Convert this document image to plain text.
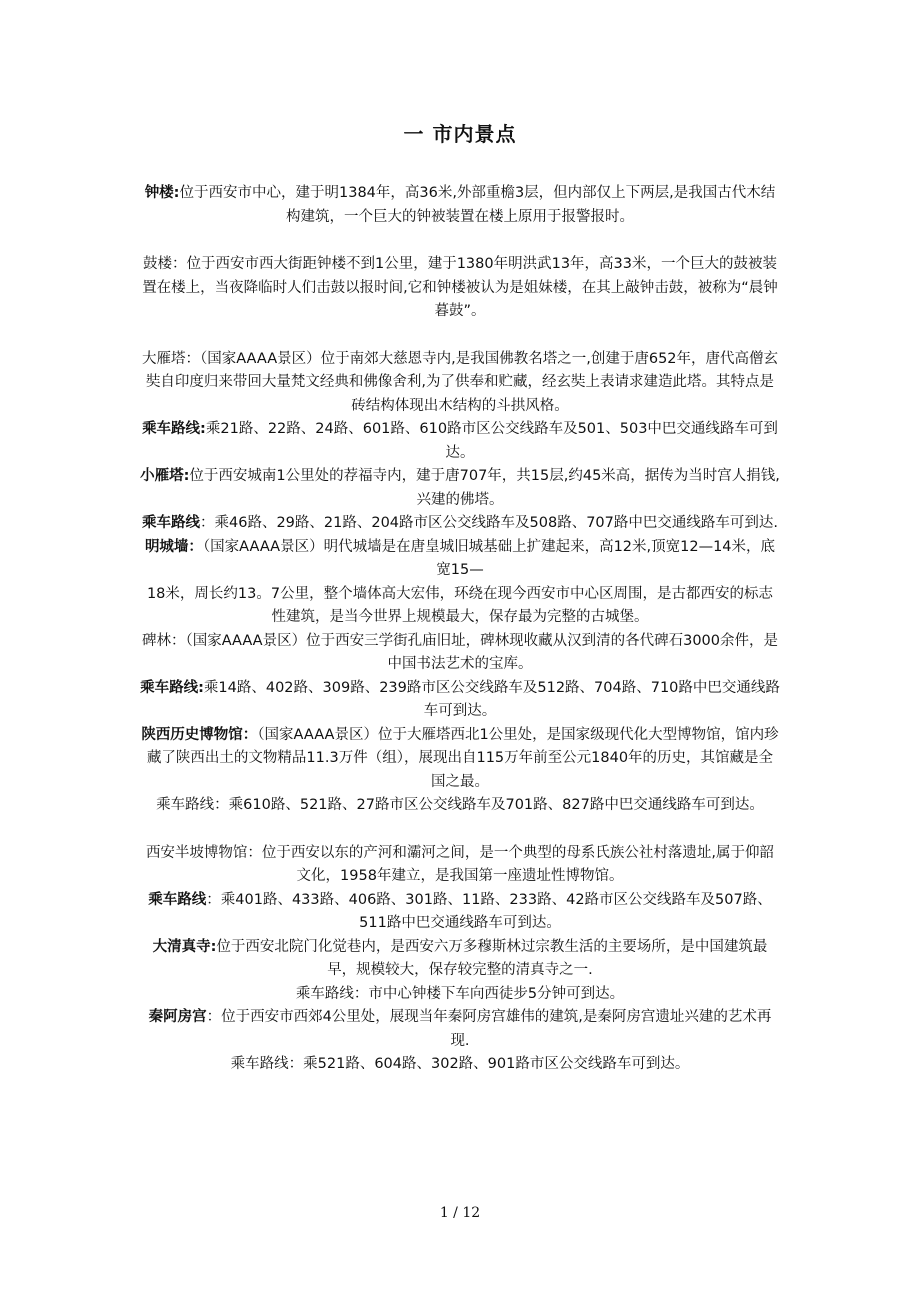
一 市内景点

钟楼:位于西安市中心，建于明1384年，高36米,外部重檐3层，但内部仅上下两层,是我国古代木结构建筑，一个巨大的钟被装置在楼上原用于报警报时。

鼓楼：位于西安市西大街距钟楼不到1公里，建于1380年明洪武13年，高33米，一个巨大的鼓被装置在楼上，当夜降临时人们击鼓以报时间,它和钟楼被认为是姐妹楼，在其上敲钟击鼓，被称为“晨钟暮鼓”。

大雁塔：（国家AAAA景区）位于南郊大慈恩寺内,是我国佛教名塔之一,创建于唐652年，唐代高僧玄奘自印度归来带回大量梵文经典和佛像舍利,为了供奉和贮藏，经玄奘上表请求建造此塔。其特点是砖结构体现出木结构的斗拱风格。

乘车路线:乘21路、22路、24路、601路、610路市区公交线路车及501、503中巴交通线路车可到达。

小雁塔:位于西安城南1公里处的荐福寺内，建于唐707年，共15层,约45米高，据传为当时宫人捐钱,兴建的佛塔。

乘车路线：乘46路、29路、21路、204路市区公交线路车及508路、707路中巴交通线路车可到达.

明城墙：（国家AAAA景区）明代城墙是在唐皇城旧城基础上扩建起来，高12米,顶宽12—14米，底宽15—

18米，周长约13。7公里，整个墙体高大宏伟，环绕在现今西安市中心区周围，是古都西安的标志性建筑，是当今世界上规模最大，保存最为完整的古城堡。

碑林：（国家AAAA景区）位于西安三学街孔庙旧址，碑林现收藏从汉到清的各代碑石3000余件，是中国书法艺术的宝库。

乘车路线:乘14路、402路、309路、239路市区公交线路车及512路、704路、710路中巴交通线路车可到达。

陕西历史博物馆：（国家AAAA景区）位于大雁塔西北1公里处，是国家级现代化大型博物馆，馆内珍藏了陕西出土的文物精品11.3万件（组），展现出自115万年前至公元1840年的历史，其馆藏是全国之最。

乘车路线：乘610路、521路、27路市区公交线路车及701路、827路中巴交通线路车可到达。

西安半坡博物馆：位于西安以东的产河和灞河之间，是一个典型的母系氏族公社村落遗址,属于仰韶文化，1958年建立，是我国第一座遗址性博物馆。

乘车路线：乘401路、433路、406路、301路、11路、233路、42路市区公交线路车及507路、511路中巴交通线路车可到达。

大清真寺:位于西安北院门化觉巷内，是西安六万多穆斯林过宗教生活的主要场所，是中国建筑最早，规模较大，保存较完整的清真寺之一.

乘车路线：市中心钟楼下车向西徒步5分钟可到达。

秦阿房宫：位于西安市西郊4公里处，展现当年秦阿房宫雄伟的建筑,是秦阿房宫遗址兴建的艺术再现.

乘车路线：乘521路、604路、302路、901路市区公交线路车可到达。

1 / 12
